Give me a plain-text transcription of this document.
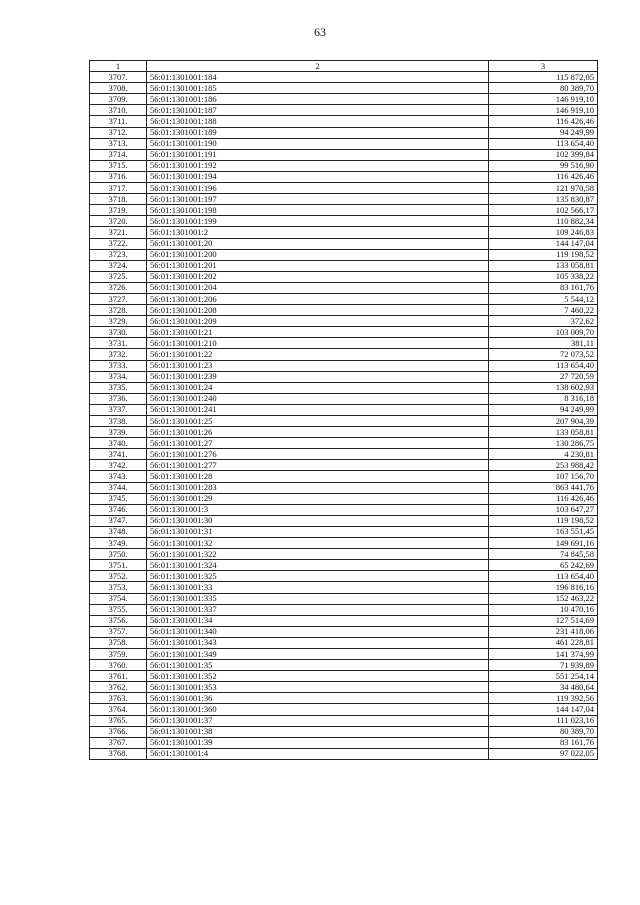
63
1	2	3
3707.	56:01:1301001:184	115 872,05
3708.	56:01:1301001:185	80 389,70
3709.	56:01:1301001:186	146 919,10
3710.	56:01:1301001:187	146 919,10
3711.	56:01:1301001:188	116 426,46
3712.	56:01:1301001:189	94 249,99
3713.	56:01:1301001:190	113 654,40
3714.	56:01:1301001:191	102 399,84
3715.	56:01:1301001:192	99 516,90
3716.	56:01:1301001:194	116 426,46
3717.	56:01:1301001:196	121 970,58
3718.	56:01:1301001:197	135 830,87
3719.	56:01:1301001:198	102 566,17
3720.	56:01:1301001:199	110 882,34
3721.	56:01:1301001:2	109 246,83
3722.	56:01:1301001:20	144 147,04
3723.	56:01:1301001:200	119 198,52
3724.	56:01:1301001:201	133 058,81
3725.	56:01:1301001:202	105 338,22
3726.	56:01:1301001:204	83 161,76
3727.	56:01:1301001:206	5 544,12
3728.	56:01:1301001:208	7 460,22
3729.	56:01:1301001:209	372,62
3730.	56:01:1301001:21	103 009,70
3731.	56:01:1301001:210	381,11
3732.	56:01:1301001:22	72 073,52
3733.	56:01:1301001:23	113 654,40
3734.	56:01:1301001:239	27 720,59
3735.	56:01:1301001:24	138 602,93
3736.	56:01:1301001:240	8 316,18
3737.	56:01:1301001:241	94 249,99
3738.	56:01:1301001:25	207 904,39
3739.	56:01:1301001:26	133 058,81
3740.	56:01:1301001:27	130 286,75
3741.	56:01:1301001:276	4 230,81
3742.	56:01:1301001:277	253 988,42
3743.	56:01:1301001:28	107 156,70
3744.	56:01:1301001:283	863 441,76
3745.	56:01:1301001:29	116 426,46
3746.	56:01:1301001:3	103 647,27
3747.	56:01:1301001:30	119 198,52
3748.	56:01:1301001:31	163 551,45
3749.	56:01:1301001:32	149 691,16
3750.	56:01:1301001:322	74 845,58
3751.	56:01:1301001:324	65 242,69
3752.	56:01:1301001:325	113 654,40
3753.	56:01:1301001:33	196 816,16
3754.	56:01:1301001:335	152 463,22
3755.	56:01:1301001:337	10 470,16
3756.	56:01:1301001:34	127 514,69
3757.	56:01:1301001:340	231 418,06
3758.	56:01:1301001:343	461 228,81
3759.	56:01:1301001:349	141 374,99
3760.	56:01:1301001:35	71 939,89
3761.	56:01:1301001:352	551 254,14
3762.	56:01:1301001:353	34 480,64
3763.	56:01:1301001:36	119 392,56
3764.	56:01:1301001:360	144 147,04
3765.	56:01:1301001:37	111 023,16
3766.	56:01:1301001:38	80 389,70
3767.	56:01:1301001:39	83 161,76
3768.	56:01:1301001:4	97 022,05
